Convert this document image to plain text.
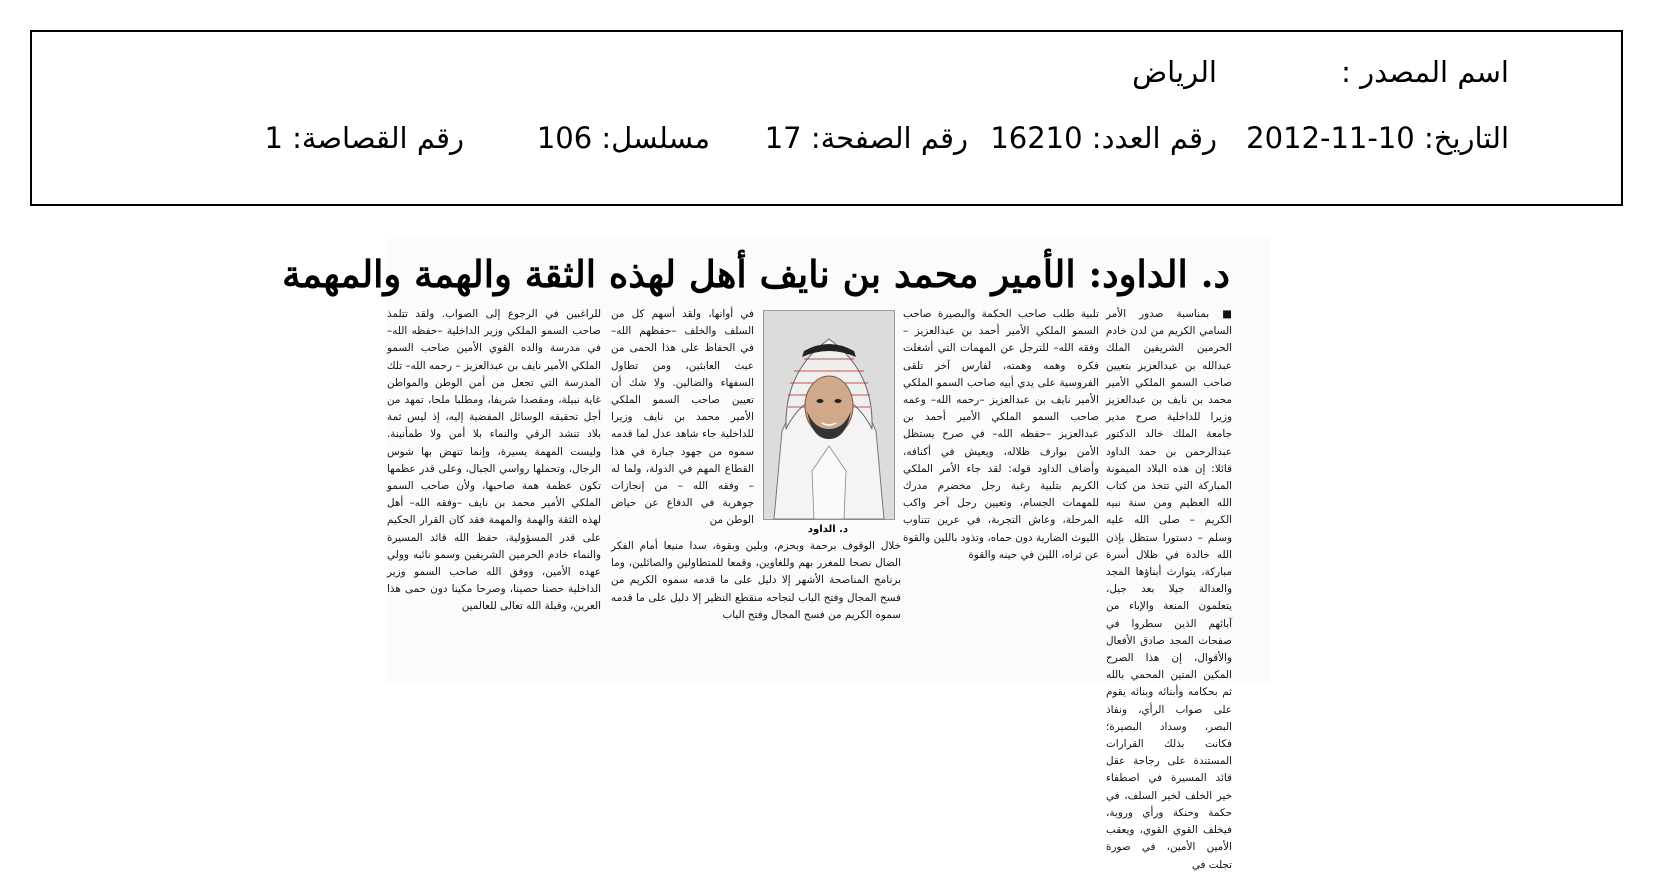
اسم المصدر :
الرياض
التاريخ: 10-11-2012
رقم العدد: 16210
رقم الصفحة: 17
مسلسل: 106
رقم القصاصة: 1
د. الداود: الأمير محمد بن نايف أهل لهذه الثقة والهمة والمهمة

■ بمناسبة صدور الأمر السامي الكريم من لدن خادم الحرمين الشريفين الملك عبدالله بن عبدالعزيز بتعيين صاحب السمو الملكي الأمير محمد بن نايف بن عبدالعزيز وزيرا للداخلية صرح مدير جامعة الملك خالد الدكتور عبدالرحمن بن حمد الداود قائلا: إن هذه البلاد الميمونة المباركة التي تتخذ من كتاب الله العظيم ومن سنة نبيه الكريم – صلى الله عليه وسلم – دستورا ستظل بإذن الله خالدة في ظلال أسرة مباركة، يتوارث أبناؤها المجد والعدالة جيلا بعد جيل، يتعلمون المنعة والإباء من آبائهم الذين سطروا في صفحات المجد صادق الأفعال والأقوال، إن هذا الصرح المكين المتين المحمي بالله ثم بحكامه وأبنائه وبنائه يقوم على صواب الرأي، ونفاذ البصر، وسداد البصيرة؛ فكانت بذلك القرارات المستندة على رجاحة عقل قائد المسيرة في اصطفاء خير الخلف لخير السلف، في حكمة وحنكة ورأي وروية، فيخلف القوي القوي، ويعقب الأمين الأمين، في صورة تجلت في

تلبية طلب صاحب الحكمة والبصيرة صاحب السمو الملكي الأمير أحمد بن عبدالعزيز –وفقه الله– للترجل عن المهمات التي أشغلت فكره وهمه وهمته، لفارس آخر تلقى الفروسية على يدي أبيه صاحب السمو الملكي الأمير نايف بن عبدالعزيز –رحمه الله– وعمه صاحب السمو الملكي الأمير أحمد بن عبدالعزيز –حفظه الله– في صرح يستظل الأمن بوارف ظلاله، ويعيش في أكنافه، وأضاف الداود قوله: لقد جاء الأمر الملكي الكريم بتلبية رغبة رجل مخضرم مدرك للمهمات الجسام، وتعيين رجل آخر واكب المرحلة، وعاش التجربة، في عرين تتناوب الليوث الضارية دون حماه، وتذود باللين والقوة عن ثراه، اللين في حينه والقوة

د. الداود

في أوانها، ولقد أسهم كل من السلف والخلف –حفظهم الله– في الحفاظ على هذا الحمى من عبث العابثين، ومن تطاول السفهاء والضالين. ولا شك أن تعيين صاحب السمو الملكي الأمير محمد بن نايف وزيرا للداخلية جاء شاهد عدل لما قدمه سموه من جهود جبارة في هذا القطاع المهم في الدولة، ولما له – وفقه الله – من إنجازات جوهرية في الدفاع عن حياض الوطن من

خلال الوقوف برحمة وبحزم، وبلين وبقوة، سدا منيعا أمام الفكر الضال نصحا للمغرر بهم وللغاوين، وقمعا للمتطاولين والصائلين، وما برنامج المناصحة الأشهر إلا دليل على ما قدمه سموه الكريم من فسح المجال وفتح الباب لنجاحه منقطع النظير إلا دليل على ما قدمه سموه الكريم من فسح المجال وفتح الباب

للراغبين في الرجوع إلى الصواب. ولقد تتلمذ صاحب السمو الملكي وزير الداخلية –حفظه الله– في مدرسة والده القوي الأمين صاحب السمو الملكي الأمير نايف بن عبدالعزيز – رحمه الله– تلك المدرسة التي تجعل من أمن الوطن والمواطن غاية نبيلة، ومقصدا شريفا، ومطلبا ملحا، تمهد من أجل تحقيقه الوسائل المفضية إليه، إذ ليس ثمة بلاد تنشد الرقي والنماء بلا أمن ولا طمأنينة. وليست المهمة يسيرة، وإنما تنهض بها شوس الرجال، وتحملها رواسي الجبال، وعلى قدر عظمها تكون عظمة همة صاحبها، ولأن صاحب السمو الملكي الأمير محمد بن نايف –وفقه الله– أهل لهذه الثقة والهمة والمهمة فقد كان القرار الحكيم على قدر المسؤولية، حفظ الله قائد المسيرة والنماء خادم الحرمين الشريفين وسمو نائبه وولي عهده الأمين، ووفق الله صاحب السمو وزير الداخلية حصنا حصينا، وصرحا مكينا دون حمى هذا العرين، وقبلة الله تعالى للعالمين
